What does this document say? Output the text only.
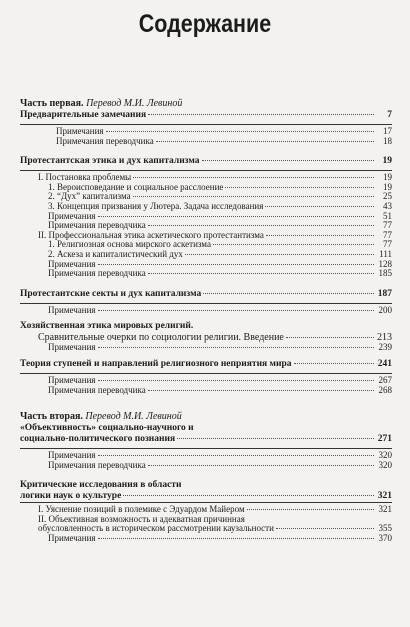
Содержание
Часть первая. Перевод М.И. Левиной
Предварительные замечания	7
Примечания	17
Примечания переводчика	18
Протестантская этика и дух капитализма	19
I. Постановка проблемы	19
1. Вероисповедание и социальное расслоение	19
2. “Дух” капитализма	25
3. Концепция призвания у Лютера. Задача исследования	43
Примечания	51
Примечания переводчика	77
II. Профессиональная этика аскетического протестантизма	77
1. Религиозная основа мирского аскетизма	77
2. Аскеза и капиталистический дух	111
Примечания	128
Примечания переводчика	185
Протестантские секты и дух капитализма	187
Примечания	200
Хозяйственная этика мировых религий.
Сравнительные очерки по социологии религии. Введение	213
Примечания	239
Теория ступеней и направлений религиозного неприятия мира	241
Примечания	267
Примечания переводчика	268
Часть вторая. Перевод М.И. Левиной
«Объективность» социально-научного и
социально-политического познания	271
Примечания	320
Примечания переводчика	320
Критические исследования в области
логики наук о культуре	321
I. Уяснение позиций в полемике с Эдуардом Майером	321
II. Объективная возможность и адекватная причинная
обусловленность в историческом рассмотрении каузальности	355
Примечания	370
